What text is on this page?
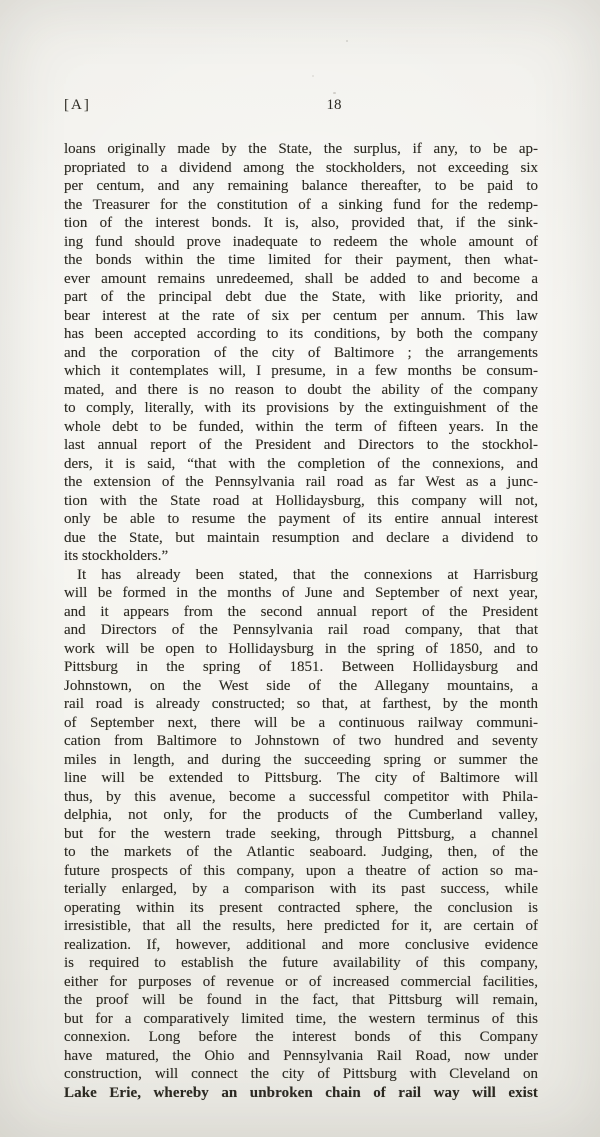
[A]	18
loans originally made by the State, the surplus, if any, to be ap-
propriated to a dividend among the stockholders, not exceeding six
per centum, and any remaining balance thereafter, to be paid to
the Treasurer for the constitution of a sinking fund for the redemp-
tion of the interest bonds. It is, also, provided that, if the sink-
ing fund should prove inadequate to redeem the whole amount of
the bonds within the time limited for their payment, then what-
ever amount remains unredeemed, shall be added to and become a
part of the principal debt due the State, with like priority, and
bear interest at the rate of six per centum per annum. This law
has been accepted according to its conditions, by both the company
and the corporation of the city of Baltimore ; the arrangements
which it contemplates will, I presume, in a few months be consum-
mated, and there is no reason to doubt the ability of the company
to comply, literally, with its provisions by the extinguishment of the
whole debt to be funded, within the term of fifteen years. In the
last annual report of the President and Directors to the stockhol-
ders, it is said, “that with the completion of the connexions, and
the extension of the Pennsylvania rail road as far West as a junc-
tion with the State road at Hollidaysburg, this company will not,
only be able to resume the payment of its entire annual interest
due the State, but maintain resumption and declare a dividend to
its stockholders.”
It has already been stated, that the connexions at Harrisburg
will be formed in the months of June and September of next year,
and it appears from the second annual report of the President
and Directors of the Pennsylvania rail road company, that that
work will be open to Hollidaysburg in the spring of 1850, and to
Pittsburg in the spring of 1851. Between Hollidaysburg and
Johnstown, on the West side of the Allegany mountains, a
rail road is already constructed; so that, at farthest, by the month
of September next, there will be a continuous railway communi-
cation from Baltimore to Johnstown of two hundred and seventy
miles in length, and during the succeeding spring or summer the
line will be extended to Pittsburg. The city of Baltimore will
thus, by this avenue, become a successful competitor with Phila-
delphia, not only, for the products of the Cumberland valley,
but for the western trade seeking, through Pittsburg, a channel
to the markets of the Atlantic seaboard. Judging, then, of the
future prospects of this company, upon a theatre of action so ma-
terially enlarged, by a comparison with its past success, while
operating within its present contracted sphere, the conclusion is
irresistible, that all the results, here predicted for it, are certain of
realization. If, however, additional and more conclusive evidence
is required to establish the future availability of this company,
either for purposes of revenue or of increased commercial facilities,
the proof will be found in the fact, that Pittsburg will remain,
but for a comparatively limited time, the western terminus of this
connexion. Long before the interest bonds of this Company
have matured, the Ohio and Pennsylvania Rail Road, now under
construction, will connect the city of Pittsburg with Cleveland on
Lake Erie, whereby an unbroken chain of rail way will exist
